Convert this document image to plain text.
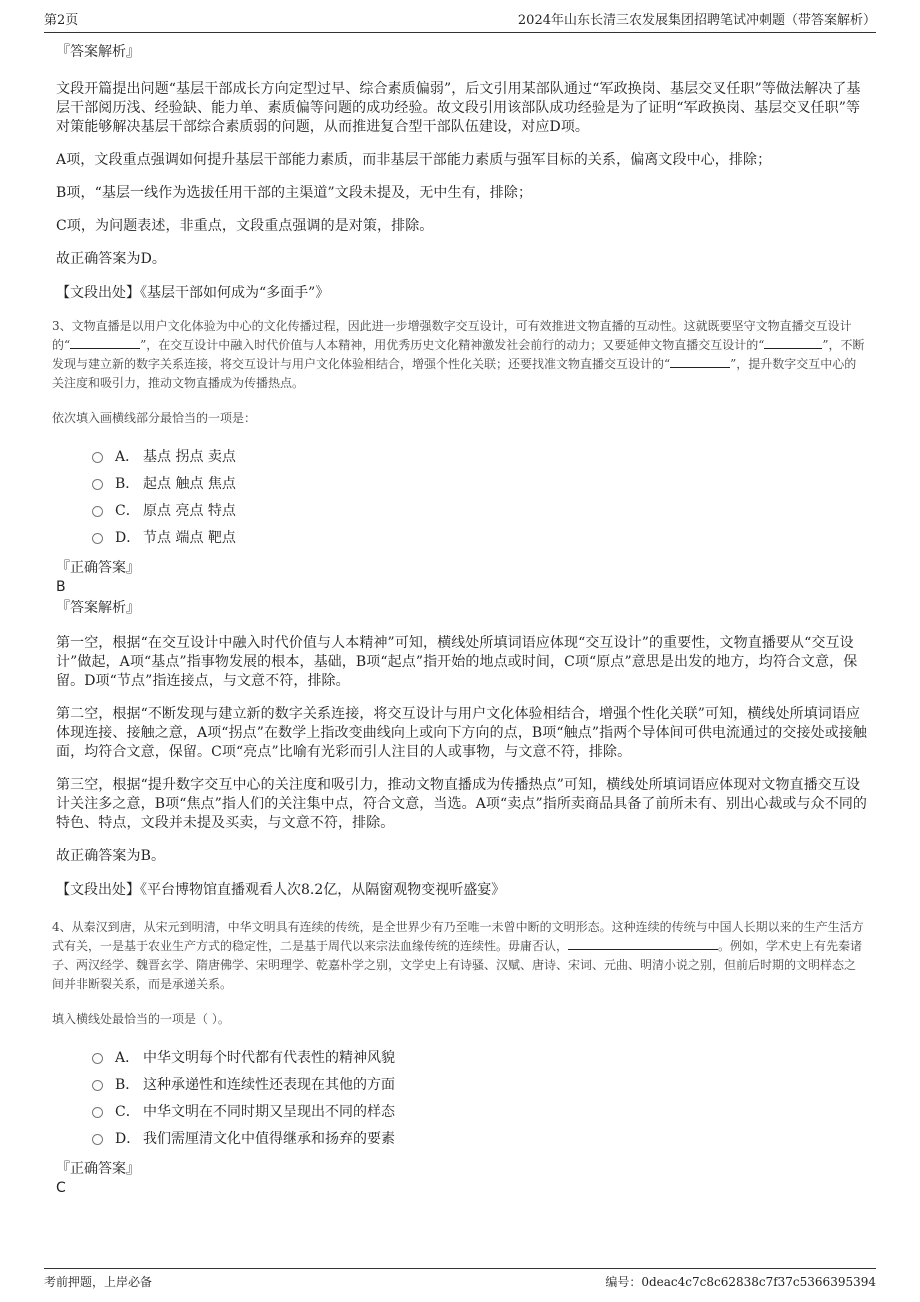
第2页	2024年山东长清三农发展集团招聘笔试冲刺题（带答案解析）

『答案解析』

文段开篇提出问题“基层干部成长方向定型过早、综合素质偏弱”，后文引用某部队通过“军政换岗、基层交叉任职”等做法解决了基层干部阅历浅、经验缺、能力单、素质偏等问题的成功经验。故文段引用该部队成功经验是为了证明“军政换岗、基层交叉任职”等对策能够解决基层干部综合素质弱的问题，从而推进复合型干部队伍建设，对应D项。

A项，文段重点强调如何提升基层干部能力素质，而非基层干部能力素质与强军目标的关系，偏离文段中心，排除；

B项，“基层一线作为选拔任用干部的主渠道”文段未提及，无中生有，排除；

C项，为问题表述，非重点，文段重点强调的是对策，排除。

故正确答案为D。

【文段出处】《基层干部如何成为“多面手”》

3、文物直播是以用户文化体验为中心的文化传播过程，因此进一步增强数字交互设计，可有效推进文物直播的互动性。这就既要坚守文物直播交互设计的“	”，在交互设计中融入时代价值与人本精神，用优秀历史文化精神激发社会前行的动力；又要延伸文物直播交互设计的“	”，不断发现与建立新的数字关系连接，将交互设计与用户文化体验相结合，增强个性化关联；还要找准文物直播交互设计的“	”，提升数字交互中心的关注度和吸引力，推动文物直播成为传播热点。

依次填入画横线部分最恰当的一项是：

A． 基点 拐点 卖点
B． 起点 触点 焦点
C． 原点 亮点 特点
D． 节点 端点 靶点

『正确答案』

B

『答案解析』

第一空，根据“在交互设计中融入时代价值与人本精神”可知，横线处所填词语应体现“交互设计”的重要性，文物直播要从“交互设计”做起，A项“基点”指事物发展的根本，基础，B项“起点”指开始的地点或时间，C项“原点”意思是出发的地方，均符合文意，保留。D项“节点”指连接点，与文意不符，排除。

第二空，根据“不断发现与建立新的数字关系连接，将交互设计与用户文化体验相结合，增强个性化关联”可知，横线处所填词语应体现连接、接触之意，A项“拐点”在数学上指改变曲线向上或向下方向的点，B项“触点”指两个导体间可供电流通过的交接处或接触面，均符合文意，保留。C项“亮点”比喻有光彩而引人注目的人或事物，与文意不符，排除。

第三空，根据“提升数字交互中心的关注度和吸引力，推动文物直播成为传播热点”可知，横线处所填词语应体现对文物直播交互设计关注多之意，B项“焦点”指人们的关注集中点，符合文意，当选。A项“卖点”指所卖商品具备了前所未有、别出心裁或与众不同的特色、特点，文段并未提及买卖，与文意不符，排除。

故正确答案为B。

【文段出处】《平台博物馆直播观看人次8.2亿，从隔窗观物变视听盛宴》

4、从秦汉到唐，从宋元到明清，中华文明具有连续的传统，是全世界少有乃至唯一未曾中断的文明形态。这种连续的传统与中国人长期以来的生产生活方式有关，一是基于农业生产方式的稳定性，二是基于周代以来宗法血缘传统的连续性。毋庸否认，	。例如，学术史上有先秦诸子、两汉经学、魏晋玄学、隋唐佛学、宋明理学、乾嘉朴学之别，文学史上有诗骚、汉赋、唐诗、宋词、元曲、明清小说之别，但前后时期的文明样态之间并非断裂关系，而是承递关系。

填入横线处最恰当的一项是（ ）。

A． 中华文明每个时代都有代表性的精神风貌
B． 这种承递性和连续性还表现在其他的方面
C． 中华文明在不同时期又呈现出不同的样态
D． 我们需厘清文化中值得继承和扬弃的要素

『正确答案』

C

考前押题，上岸必备	编号：0deac4c7c8c62838c7f37c5366395394
